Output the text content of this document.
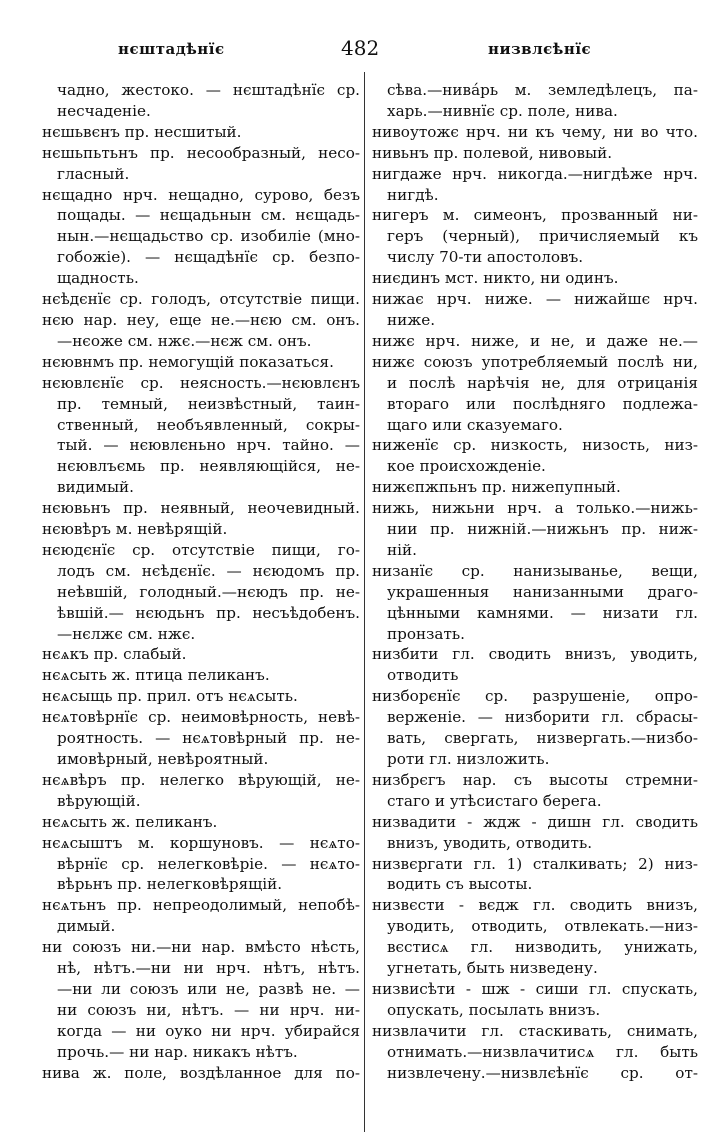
нєштадѣнїє	482	низвлєѣнїє
чадно, жестоко. — нєштадѣнїє ср.
несчаденіе.
нєшьвєнъ пр. несшитый.
нєшьпьтьнъ пр. несообразный, несо-
гласный.
нєщадно нрч. нещадно, сурово, безъ
пощады. — нєщадьнын см. нєщадь-
нын.—нєщадьство ср. изобиліе (мно-
гобожіе). — нєщадѣнїє ср. безпо-
щадность.
нєѣдєнїє ср. голодъ, отсутствіе пищи.
нєю нар. неу, еще не.—нєю см. онъ.
—нєоже см. нжє.—нєж см. онъ.
нєювнмъ пр. немогущій показаться.
нєювлєнїє ср. неясность.—нєювлєнъ
пр. темный, неизвѣстный, таин-
ственный, необъявленный, сокры-
тый. — нєювлєньно нрч. тайно. —
нєювлъємь пр. неявляющійся, не-
видимый.
нєювьнъ пр. неявный, неочевидный.
нєювѣръ м. невѣрящій.
нєюдєнїє ср. отсутствіе пищи, го-
лодъ см. нєѣдєнїє. — нєюдомъ пр.
неѣвшій, голодный.—нєюдъ пр. не-
ѣвшій.— нєюдьнъ пр. несъѣдобенъ.
—нєлжє см. нжє.
нєѧкъ пр. слабый.
нєѧсыть ж. птица пеликанъ.
нєѧсыщь пр. прил. отъ нєѧсыть.
нєѧтовѣрнїє ср. неимовѣрность, невѣ-
роятность. — нєѧтовѣрный пр. не-
имовѣрный, невѣроятный.
нєѧвѣръ пр. нелегко вѣрующій, не-
вѣрующій.
нєѧсыть ж. пеликанъ.
нєѧсыштъ м. коршуновъ. — нєѧто-
вѣрнїє ср. нелегковѣріе. — нєѧто-
вѣрьнъ пр. нелегковѣрящій.
нєѧтьнъ пр. непреодолимый, непобѣ-
димый.
ни союзъ ни.—ни нар. вмѣсто нѣсть,
нѣ, нѣтъ.—ни ни нрч. нѣтъ, нѣтъ.
—ни ли союзъ или не, развѣ не. —
ни союзъ ни, нѣтъ. — ни нрч. ни-
когда — ни оуко ни нрч. убирайся
прочь.— ни нар. никакъ нѣтъ.
нива ж. поле, воздѣланное для по-
сѣва.—нивáрь м. земледѣлецъ, па-
харь.—нивнїє ср. поле, нива.
нивоутожє нрч. ни къ чему, ни во что.
нивьнъ пр. полевой, нивовый.
нигдаже нрч. никогда.—нигдѣже нрч.
нигдѣ.
нигеръ м. симеонъ, прозванный ни-
геръ (черный), причисляемый къ
числу 70-ти апостоловъ.
ниєдинъ мст. никто, ни одинъ.
нижає нрч. ниже. — нижайшє нрч.
ниже.
нижє нрч. ниже, и не, и даже не.—
нижє союзъ употребляемый послѣ ни,
и послѣ нарѣчія не, для отрицанія
втораго или послѣдняго подлежа-
щаго или сказуемаго.
ниженїє ср. низкость, низость, низ-
кое происхожденіе.
нижєпжпьнъ пр. нижепупный.
нижь, нижьни нрч. а только.—нижь-
нии пр. нижній.—нижьнъ пр. ниж-
ній.
низанїє ср. нанизыванье, вещи,
украшенныя нанизанными драго-
цѣнными камнями. — низати гл.
пронзать.
низбити гл. сводить внизъ, уводить,
отводить
низборєнїє ср. разрушеніе, опро-
верженіе. — низборити гл. сбрасы-
вать, свергать, низвергать.—низбо-
роти гл. низложить.
низбрєгъ нар. съ высоты стремни-
стаго и утѣсистаго берега.
низвадити - ждж - дишн гл. сводить
внизъ, уводить, отводить.
низвєргати гл. 1) сталкивать; 2) низ-
водить съ высоты.
низвєсти - вєдж гл. сводить внизъ,
уводить, отводить, отвлекать.—низ-
вєстисѧ гл. низводить, унижать,
угнетать, быть низведену.
низвисѣти - шж - сиши гл. спускать,
опускать, посылать внизъ.
низвлачити гл. стаскивать, снимать,
отнимать.—низвлачитисѧ гл. быть
низвлечену.—низвлєѣнїє ср. от-
